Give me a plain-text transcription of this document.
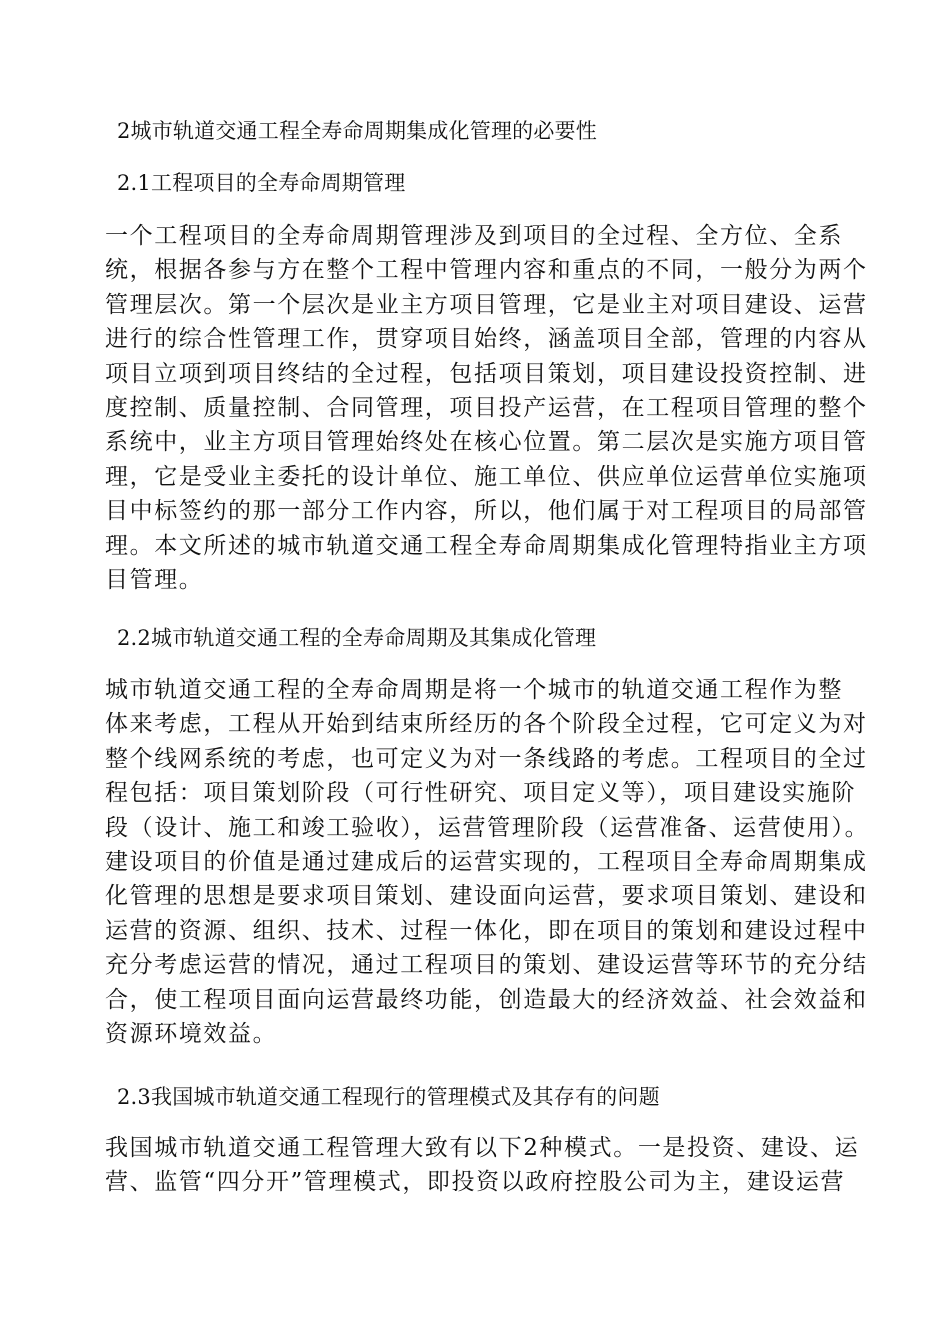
2城市轨道交通工程全寿命周期集成化管理的必要性
2.1工程项目的全寿命周期管理
一个工程项目的全寿命周期管理涉及到项目的全过程、全方位、全系
统，根据各参与方在整个工程中管理内容和重点的不同，一般分为两个
管理层次。第一个层次是业主方项目管理，它是业主对项目建设、运营
进行的综合性管理工作，贯穿项目始终，涵盖项目全部，管理的内容从
项目立项到项目终结的全过程，包括项目策划，项目建设投资控制、进
度控制、质量控制、合同管理，项目投产运营，在工程项目管理的整个
系统中，业主方项目管理始终处在核心位置。第二层次是实施方项目管
理，它是受业主委托的设计单位、施工单位、供应单位运营单位实施项
目中标签约的那一部分工作内容，所以，他们属于对工程项目的局部管
理。本文所述的城市轨道交通工程全寿命周期集成化管理特指业主方项
目管理。
2.2城市轨道交通工程的全寿命周期及其集成化管理
城市轨道交通工程的全寿命周期是将一个城市的轨道交通工程作为整
体来考虑，工程从开始到结束所经历的各个阶段全过程，它可定义为对
整个线网系统的考虑，也可定义为对一条线路的考虑。工程项目的全过
程包括：项目策划阶段（可行性研究、项目定义等），项目建设实施阶
段（设计、施工和竣工验收），运营管理阶段（运营准备、运营使用）。
建设项目的价值是通过建成后的运营实现的，工程项目全寿命周期集成
化管理的思想是要求项目策划、建设面向运营，要求项目策划、建设和
运营的资源、组织、技术、过程一体化，即在项目的策划和建设过程中
充分考虑运营的情况，通过工程项目的策划、建设运营等环节的充分结
合，使工程项目面向运营最终功能，创造最大的经济效益、社会效益和
资源环境效益。
2.3我国城市轨道交通工程现行的管理模式及其存有的问题
我国城市轨道交通工程管理大致有以下2种模式。一是投资、建设、运
营、监管“四分开”管理模式，即投资以政府控股公司为主，建设运营
